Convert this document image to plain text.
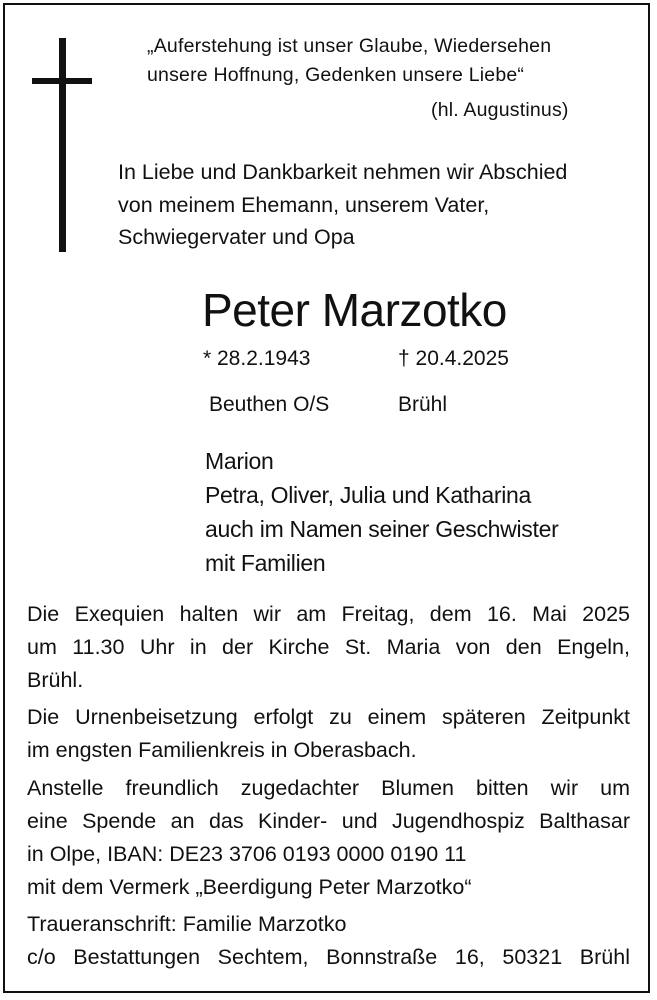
„Auferstehung ist unser Glaube, Wiedersehen

unsere Hoffnung, Gedenken unsere Liebe“

(hl. Augustinus)

In Liebe und Dankbarkeit nehmen wir Abschied

von meinem Ehemann, unserem Vater,

Schwiegervater und Opa

Peter Marzotko

* 28.2.1943	† 20.4.2025

Beuthen O/S	Brühl

Marion

Petra, Oliver, Julia und Katharina

auch im Namen seiner Geschwister

mit Familien

Die Exequien halten wir am Freitag, dem 16. Mai 2025

um 11.30 Uhr in der Kirche St. Maria von den Engeln,

Brühl.

Die Urnenbeisetzung erfolgt zu einem späteren Zeitpunkt

im engsten Familienkreis in Oberasbach.

Anstelle freundlich zugedachter Blumen bitten wir um

eine Spende an das Kinder- und Jugendhospiz Balthasar

in Olpe, IBAN: DE23 3706 0193 0000 0190 11

mit dem Vermerk „Beerdigung Peter Marzotko“

Traueranschrift: Familie Marzotko

c/o Bestattungen Sechtem, Bonnstraße 16, 50321 Brühl
